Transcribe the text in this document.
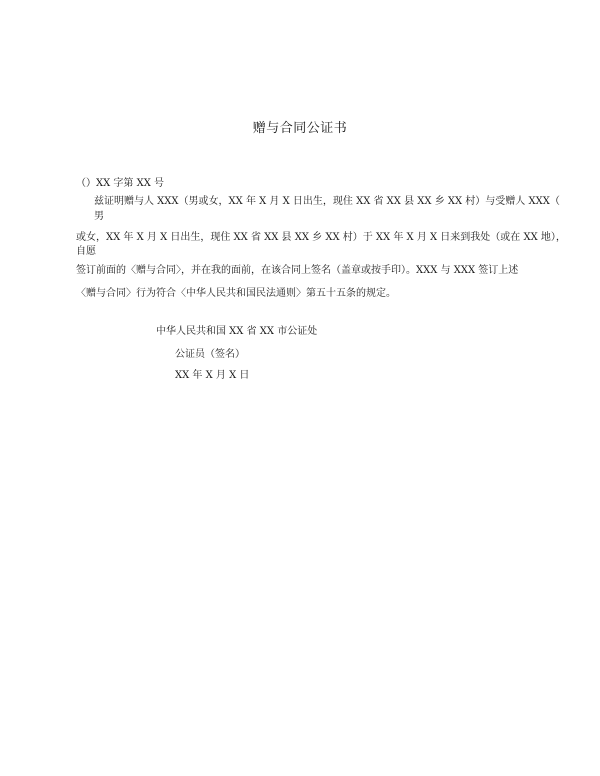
赠与合同公证书
（）XX 字第 XX 号
兹证明赠与人 XXX（男或女，XX 年 X 月 X 日出生，现住 XX 省 XX 县 XX 乡 XX 村）与受赠人 XXX（
男
或女，XX 年 X 月 X 日出生，现住 XX 省 XX 县 XX 乡 XX 村）于 XX 年 X 月 X 日来到我处（或在 XX 地），
自愿
签订前面的〈赠与合同〉，并在我的面前，在该合同上签名（盖章或按手印）。XXX 与 XXX 签订上述
〈赠与合同〉行为符合〈中华人民共和国民法通则〉第五十五条的规定。
中华人民共和国 XX 省 XX 市公证处
公证员（签名）
XX 年 X 月 X 日
